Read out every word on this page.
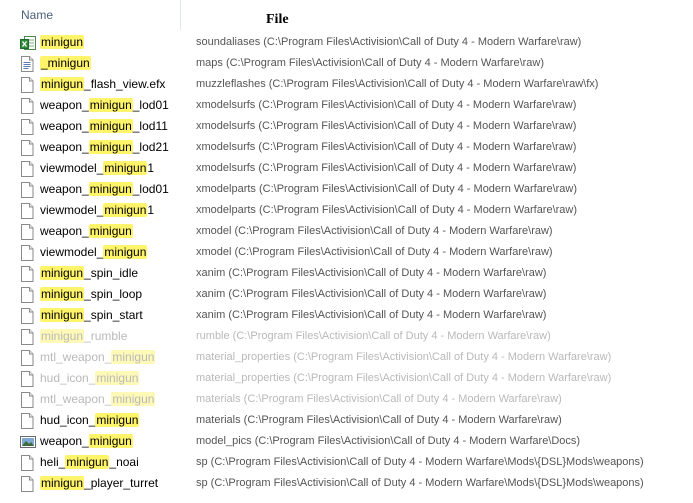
Name	File
minigun	soundaliases (C:\Program Files\Activision\Call of Duty 4 - Modern Warfare\raw)
_minigun	maps (C:\Program Files\Activision\Call of Duty 4 - Modern Warfare\raw)
minigun_flash_view.efx	muzzleflashes (C:\Program Files\Activision\Call of Duty 4 - Modern Warfare\raw\fx)
weapon_minigun_lod01 xmodelsurfs (C:\Program Files\Activision\Call of Duty 4 - Modern Warfare\raw)
weapon_minigun_lod11	xmodelsurfs (C:\Program Files\Activision\Call of Duty 4 - Modern Warfare\raw)
weapon_minigun_lod21 xmodelsurfs (C:\Program Files\Activision\Call of Duty 4 - Modern Warfare\raw)
viewmodel_minigun1	xmodelsurfs (C:\Program Files\Activision\Call of Duty 4 - Modern Warfare\raw)
weapon_minigun_lod01 xmodelparts (C:\Program Files\Activision\Call of Duty 4 - Modern Warfare\raw)
viewmodel_minigun1	xmodelparts (C:\Program Files\Activision\Call of Duty 4 - Modern Warfare\raw)
weapon_minigun	xmodel (C:\Program Files\Activision\Call of Duty 4 - Modern Warfare\raw)
viewmodel_minigun	xmodel (C:\Program Files\Activision\Call of Duty 4 - Modern Warfare\raw)
minigun_spin_idle	xanim (C:\Program Files\Activision\Call of Duty 4 - Modern Warfare\raw)
minigun_spin_loop	xanim (C:\Program Files\Activision\Call of Duty 4 - Modern Warfare\raw)
minigun_spin_start	xanim (C:\Program Files\Activision\Call of Duty 4 - Modern Warfare\raw)
minigun_rumble	rumble (C:\Program Files\Activision\Call of Duty 4 - Modern Warfare\raw)
mtl_weapon_minigun	material_properties (C:\Program Files\Activision\Call of Duty 4 - Modern Warfare\raw)
hud_icon_minigun	material_properties (C:\Program Files\Activision\Call of Duty 4 - Modern Warfare\raw)
mtl_weapon_minigun	materials (C:\Program Files\Activision\Call of Duty 4 - Modern Warfare\raw)
hud_icon_minigun	materials (C:\Program Files\Activision\Call of Duty 4 - Modern Warfare\raw)
weapon_minigun	model_pics (C:\Program Files\Activision\Call of Duty 4 - Modern Warfare\Docs)
heli_minigun_noai	sp (C:\Program Files\Activision\Call of Duty 4 - Modern Warfare\Mods\{DSL}Mods\weapons)
minigun_player_turret	sp (C:\Program Files\Activision\Call of Duty 4 - Modern Warfare\Mods\{DSL}Mods\weapons)
